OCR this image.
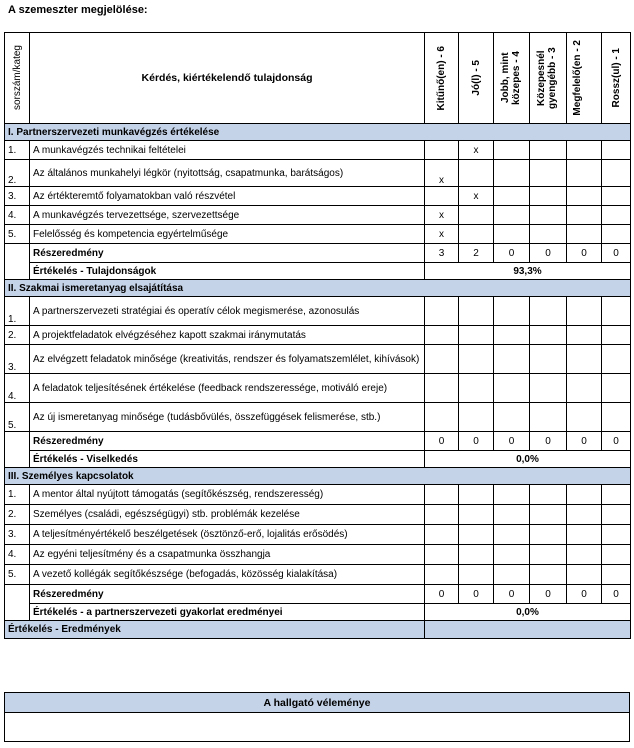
A szemeszter megjelölése:
sorszám/kateg	Kérdés, kiértékelendő tulajdonság	Kitűnő(en) - 6	Jó(l) - 5	Jobb, mint közepes - 4	Közepesnél gyengébb - 3	Megfelelő(en - 2	Rossz(ul) - 1

I. Partnerszervezeti munkavégzés értékelése							
1.	A munkavégzés technikai feltételei		x				
2.	Az általános munkahelyi légkör (nyitottság, csapatmunka, barátságos)	x					
3.	Az értékteremtő folyamatokban való részvétel		x				
4.	A munkavégzés tervezettsége, szervezettsége	x					
5.	Felelősség és kompetencia egyértelműsége	x					
	Részeredmény	3	2	0	0	0	0
	Értékelés - Tulajdonságok	93,3%					
II. Szakmai ismeretanyag elsajátítása							
1.	A partnerszervezeti stratégiai és operatív célok megismerése, azonosulás						
2.	A projektfeladatok elvégzéséhez kapott szakmai iránymutatás						
3.	Az elvégzett feladatok minősége (kreativitás, rendszer és folyamatszemlélet, kihívások)						
4.	A feladatok teljesítésének értékelése (feedback rendszeressége, motiváló ereje)						
5.	Az új ismeretanyag minősége (tudásbővülés, összefüggések felismerése, stb.)						
	Részeredmény	0	0	0	0	0	0
	Értékelés - Viselkedés	0,0%					
III. Személyes kapcsolatok							
1.	A mentor által nyújtott támogatás (segítőkészség, rendszeresség)						
2.	Személyes (családi, egészségügyi) stb. problémák kezelése						
3.	A teljesítményértékelő beszélgetések (ösztönző-erő, lojalitás erősödés)						
4.	Az egyéni teljesítmény és a csapatmunka összhangja						
5.	A vezető kollégák segítőkészsége (befogadás, közösség kialakítása)						
	Részeredmény	0	0	0	0	0	0
	Értékelés - a partnerszervezeti gyakorlat eredményei	0,0%					
Értékelés - Eredmények							
A hallgató véleménye
